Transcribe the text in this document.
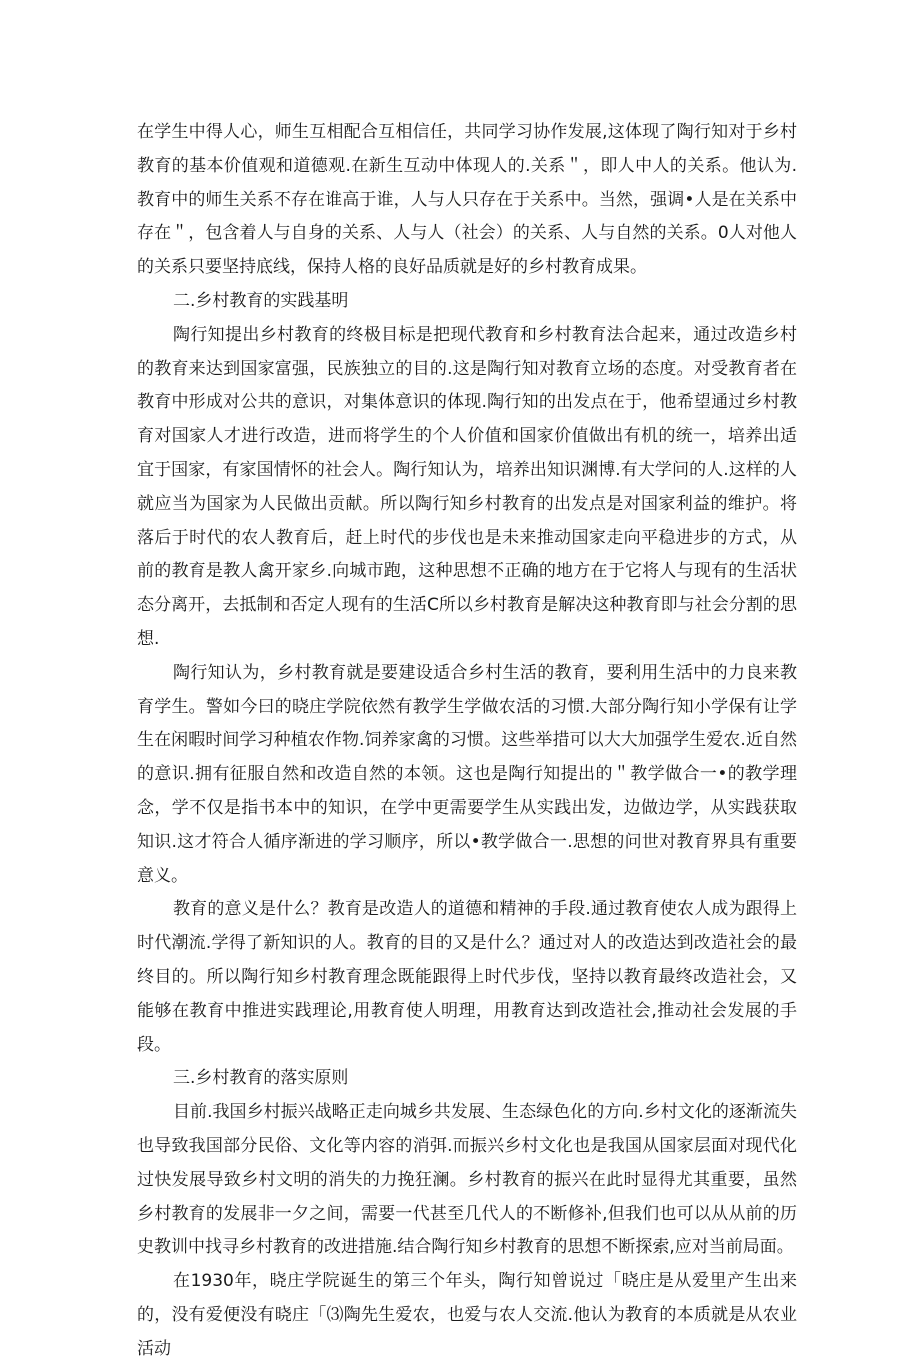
在学生中得人心，师生互相配合互相信任，共同学习协作发展,这体现了陶行知对于乡村教育的基本价值观和道德观.在新生互动中体现人的.关系＂，即人中人的关系。他认为.教育中的师生关系不存在谁高于谁，人与人只存在于关系中。当然，强调•人是在关系中存在＂，包含着人与自身的关系、人与人（社会）的关系、人与自然的关系。0人对他人的关系只要坚持底线，保持人格的良好品质就是好的乡村教育成果。

二.乡村教育的实践基明

陶行知提出乡村教育的终极目标是把现代教育和乡村教育法合起来，通过改造乡村的教育来达到国家富强，民族独立的目的.这是陶行知对教育立场的态度。对受教育者在教育中形成对公共的意识，对集体意识的体现.陶行知的出发点在于，他希望通过乡村教育对国家人才进行改造，进而将学生的个人价值和国家价值做出有机的统一，培养出适宜于国家，有家国情怀的社会人。陶行知认为，培养出知识渊博.有大学问的人.这样的人就应当为国家为人民做出贡献。所以陶行知乡村教育的出发点是对国家利益的维护。将落后于时代的农人教育后，赶上时代的步伐也是未来推动国家走向平稳进步的方式，从前的教育是教人禽开家乡.向城市跑，这种思想不正确的地方在于它将人与现有的生活状态分离开，去抵制和否定人现有的生活C所以乡村教育是解决这种教育即与社会分割的思想.

陶行知认为，乡村教育就是要建设适合乡村生活的教育，要利用生活中的力良来教育学生。警如今曰的晓庄学院依然有教学生学做农活的习惯.大部分陶行知小学保有让学生在闲暇时间学习种植农作物.饲养家禽的习惯。这些举措可以大大加强学生爱农.近自然的意识.拥有征服自然和改造自然的本领。这也是陶行知提出的＂教学做合一•的教学理念，学不仅是指书本中的知识，在学中更需要学生从实践出发，边做边学，从实践获取知识.这才符合人循序渐进的学习顺序，所以•教学做合一.思想的问世对教育界具有重要意义。

教育的意义是什么？教育是改造人的道德和精神的手段.通过教育使农人成为跟得上时代潮流.学得了新知识的人。教育的目的又是什么？通过对人的改造达到改造社会的最终目的。所以陶行知乡村教育理念既能跟得上时代步伐，坚持以教育最终改造社会，又能够在教育中推进实践理论,用教育使人明理，用教育达到改造社会,推动社会发展的手段。

三.乡村教育的落实原则

目前.我国乡村振兴战略正走向城乡共发展、生态绿色化的方向.乡村文化的逐渐流失也导致我国部分民俗、文化等内容的消弭.而振兴乡村文化也是我国从国家层面对现代化过快发展导致乡村文明的消失的力挽狂澜。乡村教育的振兴在此时显得尤其重要，虽然乡村教育的发展非一夕之间，需要一代甚至几代人的不断修补,但我们也可以从从前的历史教训中找寻乡村教育的改进措施.结合陶行知乡村教育的思想不断探索,应对当前局面。

在1930年，晓庄学院诞生的第三个年头，陶行知曾说过「晓庄是从爱里产生出来的，没有爱便没有晓庄「⑶陶先生爱农，也爱与农人交流.他认为教育的本质就是从农业活动
